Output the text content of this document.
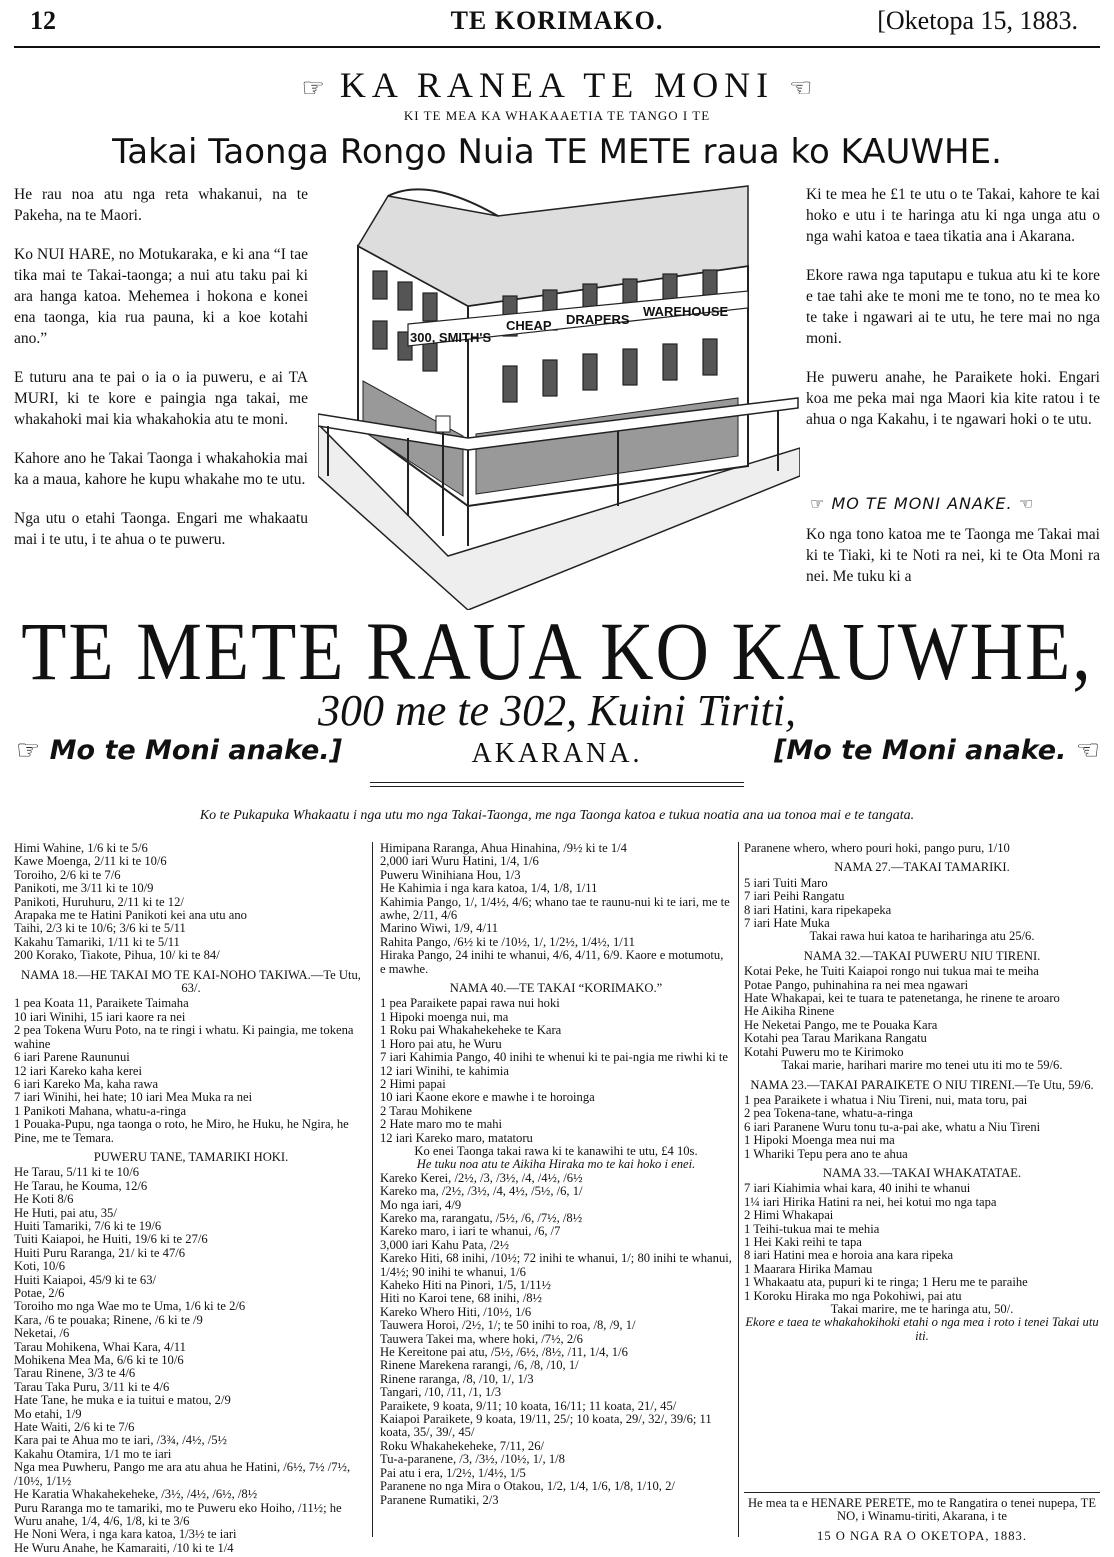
12	TE KORIMAKO.	[Oketopa 15, 1883.
☞ KA RANEA TE MONI ☜
KI TE MEA KA WHAKAAETIA TE TANGO I TE
Takai Taonga Rongo Nuia TE METE raua ko KAUWHE.

He rau noa atu nga reta whakanui, na te Pakeha, na te Maori.

Ko NUI HARE, no Motukaraka, e ki ana “I tae tika mai te Takai-taonga; a nui atu taku pai ki ara hanga katoa. Mehemea i hokona e konei ena taonga, kia rua pauna, ki a koe kotahi ano.”

E tuturu ana te pai o ia o ia puweru, e ai TA MURI, ki te kore e paingia nga takai, me whakahoki mai kia whakahokia atu te moni.

Kahore ano he Takai Taonga i whakahokia mai ka a maua, kahore he kupu whakahe mo te utu.

Nga utu o etahi Taonga. Engari me whakaatu mai i te utu, i te ahua o te puweru.

300, SMITH'S
CHEAP DRAPERS
WAREHOUSE

Ki te mea he £1 te utu o te Takai, kahore te kai hoko e utu i te haringa atu ki nga unga atu o nga wahi katoa e taea tikatia ana i Akarana.

Ekore rawa nga taputapu e tukua atu ki te kore e tae tahi ake te moni me te tono, no te mea ko te take i ngawari ai te utu, he tere mai no nga moni.

He puweru anahe, he Paraikete hoki. Engari koa me peka mai nga Maori kia kite ratou i te ahua o nga Kakahu, i te ngawari hoki o te utu.

☞ MO TE MONI ANAKE. ☜

Ko nga tono katoa me te Taonga me Takai mai ki te Tiaki, ki te Noti ra nei, ki te Ota Moni ra nei. Me tuku ki a

TE METE RAUA KO KAUWHE,
300 me te 302, Kuini Tiriti,
☞ Mo te Moni anake.]	AKARANA.	[Mo te Moni anake. ☜
Ko te Pukapuka Whakaatu i nga utu mo nga Takai-Taonga, me nga Taonga katoa e tukua noatia ana ua tonoa mai e te tangata.
Himi Wahine, 1/6 ki te 5/6
Kawe Moenga, 2/11 ki te 10/6
Toroiho, 2/6 ki te 7/6
Panikoti, me 3/11 ki te 10/9
Panikoti, Huruhuru, 2/11 ki te 12/
Arapaka me te Hatini Panikoti kei ana utu ano
Taihi, 2/3 ki te 10/6; 3/6 ki te 5/11
Kakahu Tamariki, 1/11 ki te 5/11
200 Korako, Tiakote, Pihua, 10/ ki te 84/
NAMA 18.—HE TAKAI MO TE KAI-NOHO TAKIWA.—Te Utu, 63/.
1 pea Koata 11, Paraikete Taimaha
10 iari Winihi, 15 iari kaore ra nei
2 pea Tokena Wuru Poto, na te ringi i whatu. Ki paingia, me tokena wahine
6 iari Parene Raununui
12 iari Kareko kaha kerei
6 iari Kareko Ma, kaha rawa
7 iari Winihi, hei hate; 10 iari Mea Muka ra nei
1 Panikoti Mahana, whatu-a-ringa
1 Pouaka-Pupu, nga taonga o roto, he Miro, he Huku, he Ngira, he Pine, me te Temara.
PUWERU TANE, TAMARIKI HOKI.
He Tarau, 5/11 ki te 10/6
He Tarau, he Kouma, 12/6
He Koti 8/6
He Huti, pai atu, 35/
Huiti Tamariki, 7/6 ki te 19/6
Tuiti Kaiapoi, he Huiti, 19/6 ki te 27/6
Huiti Puru Raranga, 21/ ki te 47/6
Koti, 10/6
Huiti Kaiapoi, 45/9 ki te 63/
Potae, 2/6
Toroiho mo nga Wae mo te Uma, 1/6 ki te 2/6
Kara, /6 te pouaka; Rinene, /6 ki te /9
Neketai, /6
Tarau Mohikena, Whai Kara, 4/11
Mohikena Mea Ma, 6/6 ki te 10/6
Tarau Rinene, 3/3 te 4/6
Tarau Taka Puru, 3/11 ki te 4/6
Hate Tane, he muka e ia tuitui e matou, 2/9
Mo etahi, 1/9
Hate Waiti, 2/6 ki te 7/6
Kara pai te Ahua mo te iari, /3¾, /4½, /5½
Kakahu Otamira, 1/1 mo te iari
Nga mea Puwheru, Pango me ara atu ahua he Hatini, /6½, 7½ /7½, /10½, 1/1½
He Karatia Whakahekeheke, /3½, /4½, /6½, /8½
Puru Raranga mo te tamariki, mo te Puweru eko Hoiho, /11½; he Wuru anahe, 1/4, 4/6, 1/8, ki te 3/6
He Noni Wera, i nga kara katoa, 1/3½ te iari
He Wuru Anahe, he Kamaraiti, /10 ki te 1/4
Himipana Raranga, Ahua Hinahina, /9½ ki te 1/4
2,000 iari Wuru Hatini, 1/4, 1/6
Puweru Winihiana Hou, 1/3
He Kahimia i nga kara katoa, 1/4, 1/8, 1/11
Kahimia Pango, 1/, 1/4½, 4/6; whano tae te raunu-nui ki te iari, me te awhe, 2/11, 4/6
Marino Wiwi, 1/9, 4/11
Rahita Pango, /6½ ki te /10½, 1/, 1/2½, 1/4½, 1/11
Hiraka Pango, 24 inihi te whanui, 4/6, 4/11, 6/9. Kaore e motumotu, e mawhe.
NAMA 40.—TE TAKAI “KORIMAKO.”
1 pea Paraikete papai rawa nui hoki
1 Hipoki moenga nui, ma
1 Roku pai Whakahekeheke te Kara
1 Horo pai atu, he Wuru
7 iari Kahimia Pango, 40 inihi te whenui ki te pai-ngia me riwhi ki te 12 iari Winihi, te kahimia
2 Himi papai
10 iari Kaone ekore e mawhe i te horoinga
2 Tarau Mohikene
2 Hate maro mo te mahi
12 iari Kareko maro, matatoru
Ko enei Taonga takai rawa ki te kanawihi te utu, £4 10s.
He tuku noa atu te Aikiha Hiraka mo te kai hoko i enei.
Kareko Kerei, /2½, /3, /3½, /4, /4½, /6½
Kareko ma, /2½, /3½, /4, 4½, /5½, /6, 1/
Mo nga iari, 4/9
Kareko ma, rarangatu, /5½, /6, /7½, /8½
Kareko maro, i iari te whanui, /6, /7
3,000 iari Kahu Pata, /2½
Kareko Hiti, 68 inihi, /10½; 72 inihi te whanui, 1/; 80 inihi te whanui, 1/4½; 90 inihi te whanui, 1/6
Kaheko Hiti na Pinori, 1/5, 1/11½
Hiti no Karoi tene, 68 inihi, /8½
Kareko Whero Hiti, /10½, 1/6
Tauwera Horoi, /2½, 1/; te 50 inihi to roa, /8, /9, 1/
Tauwera Takei ma, where hoki, /7½, 2/6
He Kereitone pai atu, /5½, /6½, /8½, /11, 1/4, 1/6
Rinene Marekena rarangi, /6, /8, /10, 1/
Rinene raranga, /8, /10, 1/, 1/3
Tangari, /10, /11, /1, 1/3
Paraikete, 9 koata, 9/11; 10 koata, 16/11; 11 koata, 21/, 45/
Kaiapoi Paraikete, 9 koata, 19/11, 25/; 10 koata, 29/, 32/, 39/6; 11 koata, 35/, 39/, 45/
Roku Whakahekeheke, 7/11, 26/
Tu-a-paranene, /3, /3½, /10½, 1/, 1/8
Pai atu i era, 1/2½, 1/4½, 1/5
Paranene no nga Mira o Otakou, 1/2, 1/4, 1/6, 1/8, 1/10, 2/
Paranene Rumatiki, 2/3
Paranene whero, whero pouri hoki, pango puru, 1/10
NAMA 27.—TAKAI TAMARIKI.
5 iari Tuiti Maro
7 iari Peihi Rangatu
8 iari Hatini, kara ripekapeka
7 iari Hate Muka
Takai rawa hui katoa te hariharinga atu 25/6.
NAMA 32.—TAKAI PUWERU NIU TIRENI.
Kotai Peke, he Tuiti Kaiapoi rongo nui tukua mai te meiha
Potae Pango, puhinahina ra nei mea ngawari
Hate Whakapai, kei te tuara te patenetanga, he rinene te aroaro
He Aikiha Rinene
He Neketai Pango, me te Pouaka Kara
Kotahi pea Tarau Marikana Rangatu
Kotahi Puweru mo te Kirimoko
Takai marie, harihari marire mo tenei utu iti mo te 59/6.
NAMA 23.—TAKAI PARAIKETE O NIU TIRENI.—Te Utu, 59/6.
1 pea Paraikete i whatua i Niu Tireni, nui, mata toru, pai
2 pea Tokena-tane, whatu-a-ringa
6 iari Paranene Wuru tonu tu-a-pai ake, whatu a Niu Tireni
1 Hipoki Moenga mea nui ma
1 Whariki Tepu pera ano te ahua
NAMA 33.—TAKAI WHAKATATAE.
7 iari Kiahimia whai kara, 40 inihi te whanui
1¼ iari Hirika Hatini ra nei, hei kotui mo nga tapa
2 Himi Whakapai
1 Teihi-tukua mai te mehia
1 Hei Kaki reihi te tapa
8 iari Hatini mea e horoia ana kara ripeka
1 Maarara Hirika Mamau
1 Whakaatu ata, pupuri ki te ringa; 1 Heru me te paraihe
1 Koroku Hiraka mo nga Pokohiwi, pai atu
Takai marire, me te haringa atu, 50/.
Ekore e taea te whakahokihoki etahi o nga mea i roto i tenei Takai utu iti.
He mea ta e HENARE PERETE, mo te Rangatira o tenei nupepa, TE NO, i Winamu-tiriti, Akarana, i te
15 O NGA RA O OKETOPA, 1883.
